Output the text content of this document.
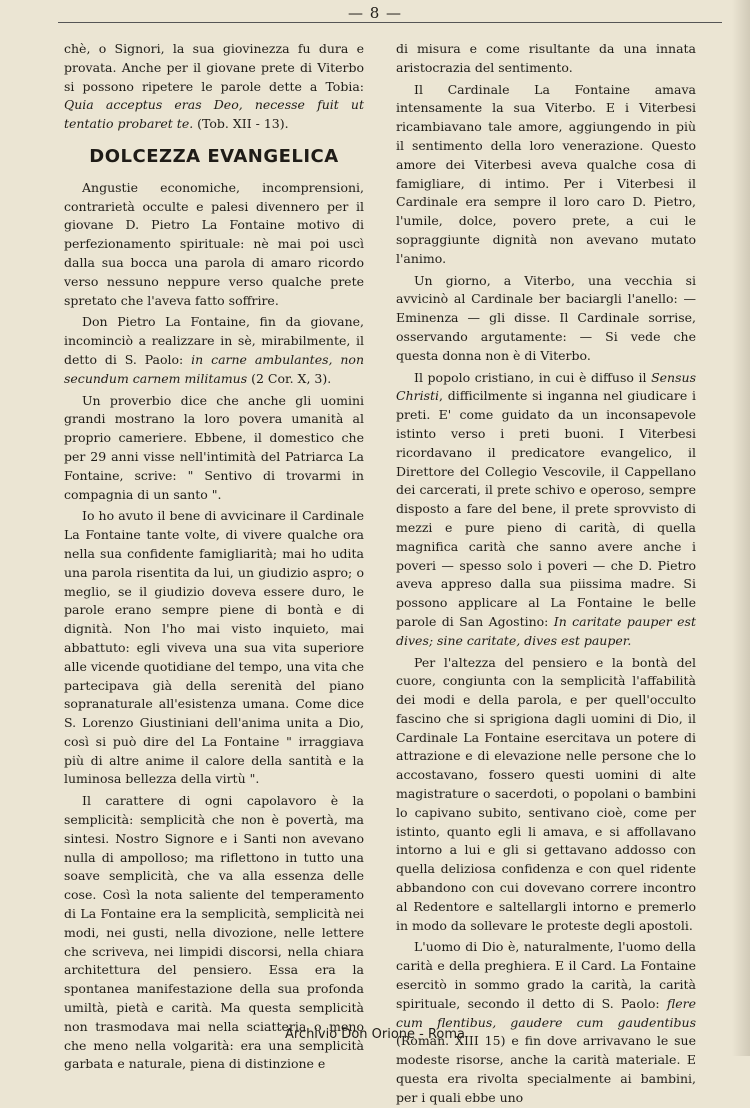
— 8 —

chè, o Signori, la sua giovinezza fu dura e provata. Anche per il giovane prete di Viterbo si possono ripetere le parole dette a Tobia: Quia acceptus eras Deo, necesse fuit ut tentatio probaret te. (Tob. XII - 13).

DOLCEZZA EVANGELICA

Angustie economiche, incomprensioni, contrarietà occulte e palesi divennero per il giovane D. Pietro La Fontaine motivo di perfezionamento spirituale: nè mai poi uscì dalla sua bocca una parola di amaro ricordo verso nessuno neppure verso qualche prete spretato che l'aveva fatto soffrire.

Don Pietro La Fontaine, fin da giovane, incominciò a realizzare in sè, mirabilmente, il detto di S. Paolo: in carne ambulantes, non secundum carnem militamus (2 Cor. X, 3).

Un proverbio dice che anche gli uomini grandi mostrano la loro povera umanità al proprio cameriere. Ebbene, il domestico che per 29 anni visse nell'intimità del Patriarca La Fontaine, scrive: " Sentivo di trovarmi in compagnia di un santo ".

Io ho avuto il bene di avvicinare il Cardinale La Fontaine tante volte, di vivere qualche ora nella sua confidente famigliarità; mai ho udita una parola risentita da lui, un giudizio aspro; o meglio, se il giudizio doveva essere duro, le parole erano sempre piene di bontà e di dignità. Non l'ho mai visto inquieto, mai abbattuto: egli viveva una sua vita superiore alle vicende quotidiane del tempo, una vita che partecipava già della serenità del piano sopranaturale all'esistenza umana. Come dice S. Lorenzo Giustiniani dell'anima unita a Dio, così si può dire del La Fontaine " irraggiava più di altre anime il calore della santità e la luminosa bellezza della virtù ".

Il carattere di ogni capolavoro è la semplicità: semplicità che non è povertà, ma sintesi. Nostro Signore e i Santi non avevano nulla di ampolloso; ma riflettono in tutto una soave semplicità, che va alla essenza delle cose. Così la nota saliente del temperamento di La Fontaine era la semplicità, semplicità nei modi, nei gusti, nella divozione, nelle lettere che scriveva, nei limpidi discorsi, nella chiara architettura del pensiero. Essa era la spontanea manifestazione della sua profonda umiltà, pietà e carità. Ma questa semplicità non trasmodava mai nella sciatteria o meno che meno nella volgarità: era una semplicità garbata e naturale, piena di distinzione e

di misura e come risultante da una innata aristocrazia del sentimento.

Il Cardinale La Fontaine amava intensamente la sua Viterbo. E i Viterbesi ricambiavano tale amore, aggiungendo in più il sentimento della loro venerazione. Questo amore dei Viterbesi aveva qualche cosa di famigliare, di intimo. Per i Viterbesi il Cardinale era sempre il loro caro D. Pietro, l'umile, dolce, povero prete, a cui le sopraggiunte dignità non avevano mutato l'animo.

Un giorno, a Viterbo, una vecchia si avvicinò al Cardinale ber baciargli l'anello: — Eminenza — gli disse. Il Cardinale sorrise, osservando argutamente: — Si vede che questa donna non è di Viterbo.

Il popolo cristiano, in cui è diffuso il Sensus Christi, difficilmente si inganna nel giudicare i preti. E' come guidato da un inconsapevole istinto verso i preti buoni. I Viterbesi ricordavano il predicatore evangelico, il Direttore del Collegio Vescovile, il Cappellano dei carcerati, il prete schivo e operoso, sempre disposto a fare del bene, il prete sprovvisto di mezzi e pure pieno di carità, di quella magnifica carità che sanno avere anche i poveri — spesso solo i poveri — che D. Pietro aveva appreso dalla sua piissima madre. Si possono applicare al La Fontaine le belle parole di San Agostino: In caritate pauper est dives; sine caritate, dives est pauper.

Per l'altezza del pensiero e la bontà del cuore, congiunta con la semplicità l'affabilità dei modi e della parola, e per quell'occulto fascino che si sprigiona dagli uomini di Dio, il Cardinale La Fontaine esercitava un potere di attrazione e di elevazione nelle persone che lo accostavano, fossero questi uomini di alte magistrature o sacerdoti, o popolani o bambini lo capivano subito, sentivano cioè, come per istinto, quanto egli li amava, e si affollavano intorno a lui e gli si gettavano addosso con quella deliziosa confidenza e con quel ridente abbandono con cui dovevano correre incontro al Redentore e saltellargli intorno e premerlo in modo da sollevare le proteste degli apostoli.

L'uomo di Dio è, naturalmente, l'uomo della carità e della preghiera. E il Card. La Fontaine esercitò in sommo grado la carità, la carità spirituale, secondo il detto di S. Paolo: flere cum flentibus, gaudere cum gaudentibus (Roman. XIII 15) e fin dove arrivavano le sue modeste risorse, anche la carità materiale. E questa era rivolta specialmente ai bambini, per i quali ebbe uno

Archivio Don Orione - Roma
